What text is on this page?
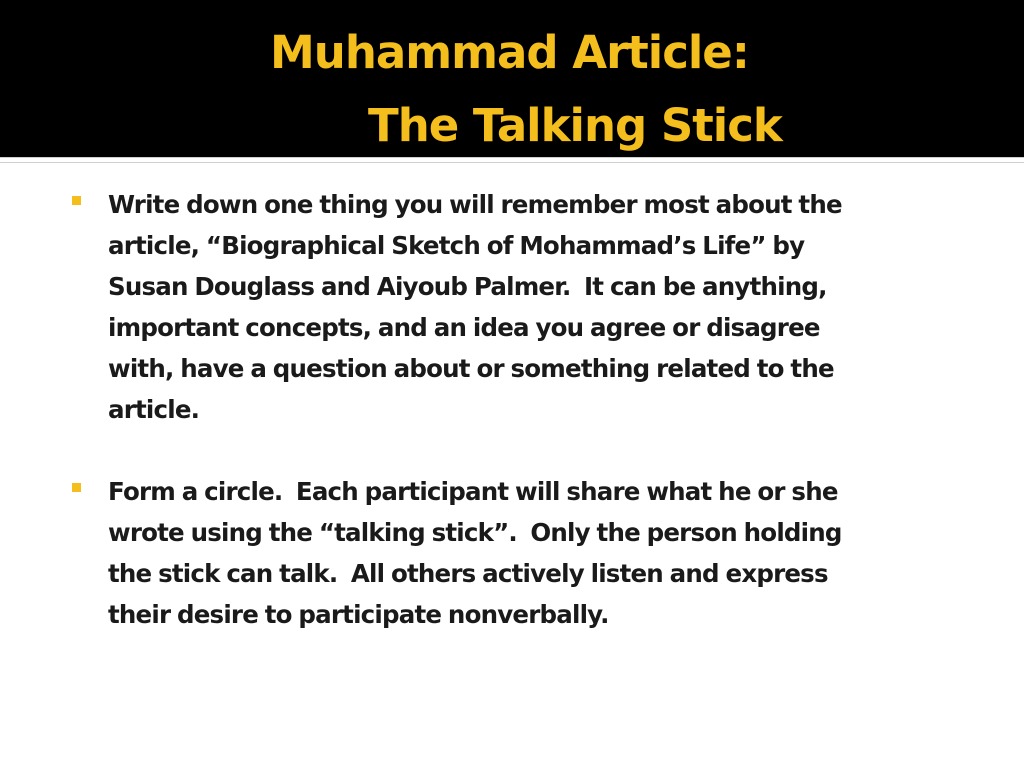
Muhammad Article:
The Talking Stick
Write down one thing you will remember most about the
article, “Biographical Sketch of Mohammad’s Life” by
Susan Douglass and Aiyoub Palmer.  It can be anything,
important concepts, and an idea you agree or disagree
with, have a question about or something related to the
article.
Form a circle.  Each participant will share what he or she
wrote using the “talking stick”.  Only the person holding
the stick can talk.  All others actively listen and express
their desire to participate nonverbally.
